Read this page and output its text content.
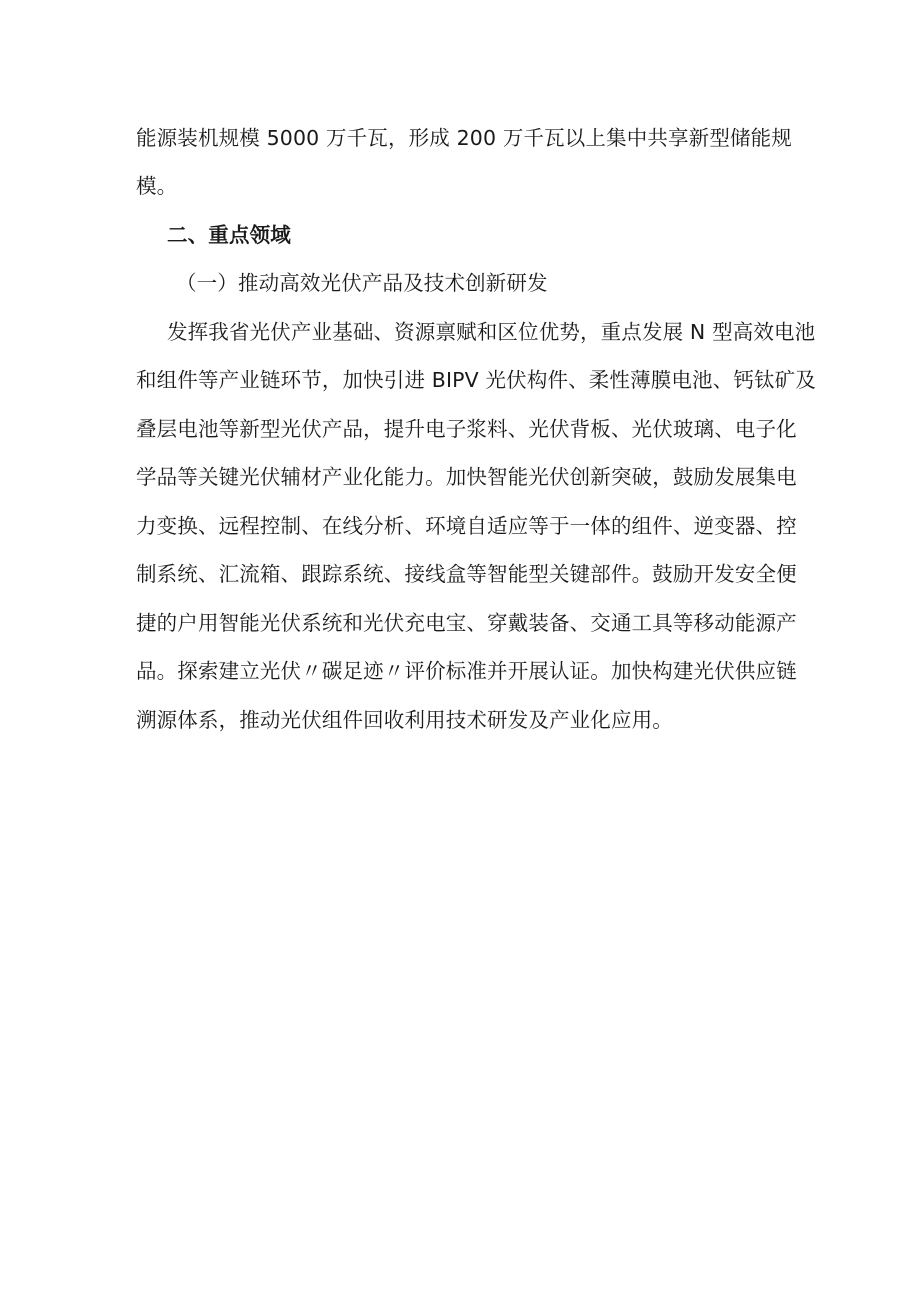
能源装机规模 5000 万千瓦，形成 200 万千瓦以上集中共享新型储能规
模。
二、重点领域
（一）推动高效光伏产品及技术创新研发
发挥我省光伏产业基础、资源禀赋和区位优势，重点发展 N 型高效电池
和组件等产业链环节，加快引进 BIPV 光伏构件、柔性薄膜电池、钙钛矿及
叠层电池等新型光伏产品，提升电子浆料、光伏背板、光伏玻璃、电子化
学品等关键光伏辅材产业化能力。加快智能光伏创新突破，鼓励发展集电
力变换、远程控制、在线分析、环境自适应等于一体的组件、逆变器、控
制系统、汇流箱、跟踪系统、接线盒等智能型关键部件。鼓励开发安全便
捷的户用智能光伏系统和光伏充电宝、穿戴装备、交通工具等移动能源产
品。探索建立光伏〃碳足迹〃评价标准并开展认证。加快构建光伏供应链
溯源体系，推动光伏组件回收利用技术研发及产业化应用。
